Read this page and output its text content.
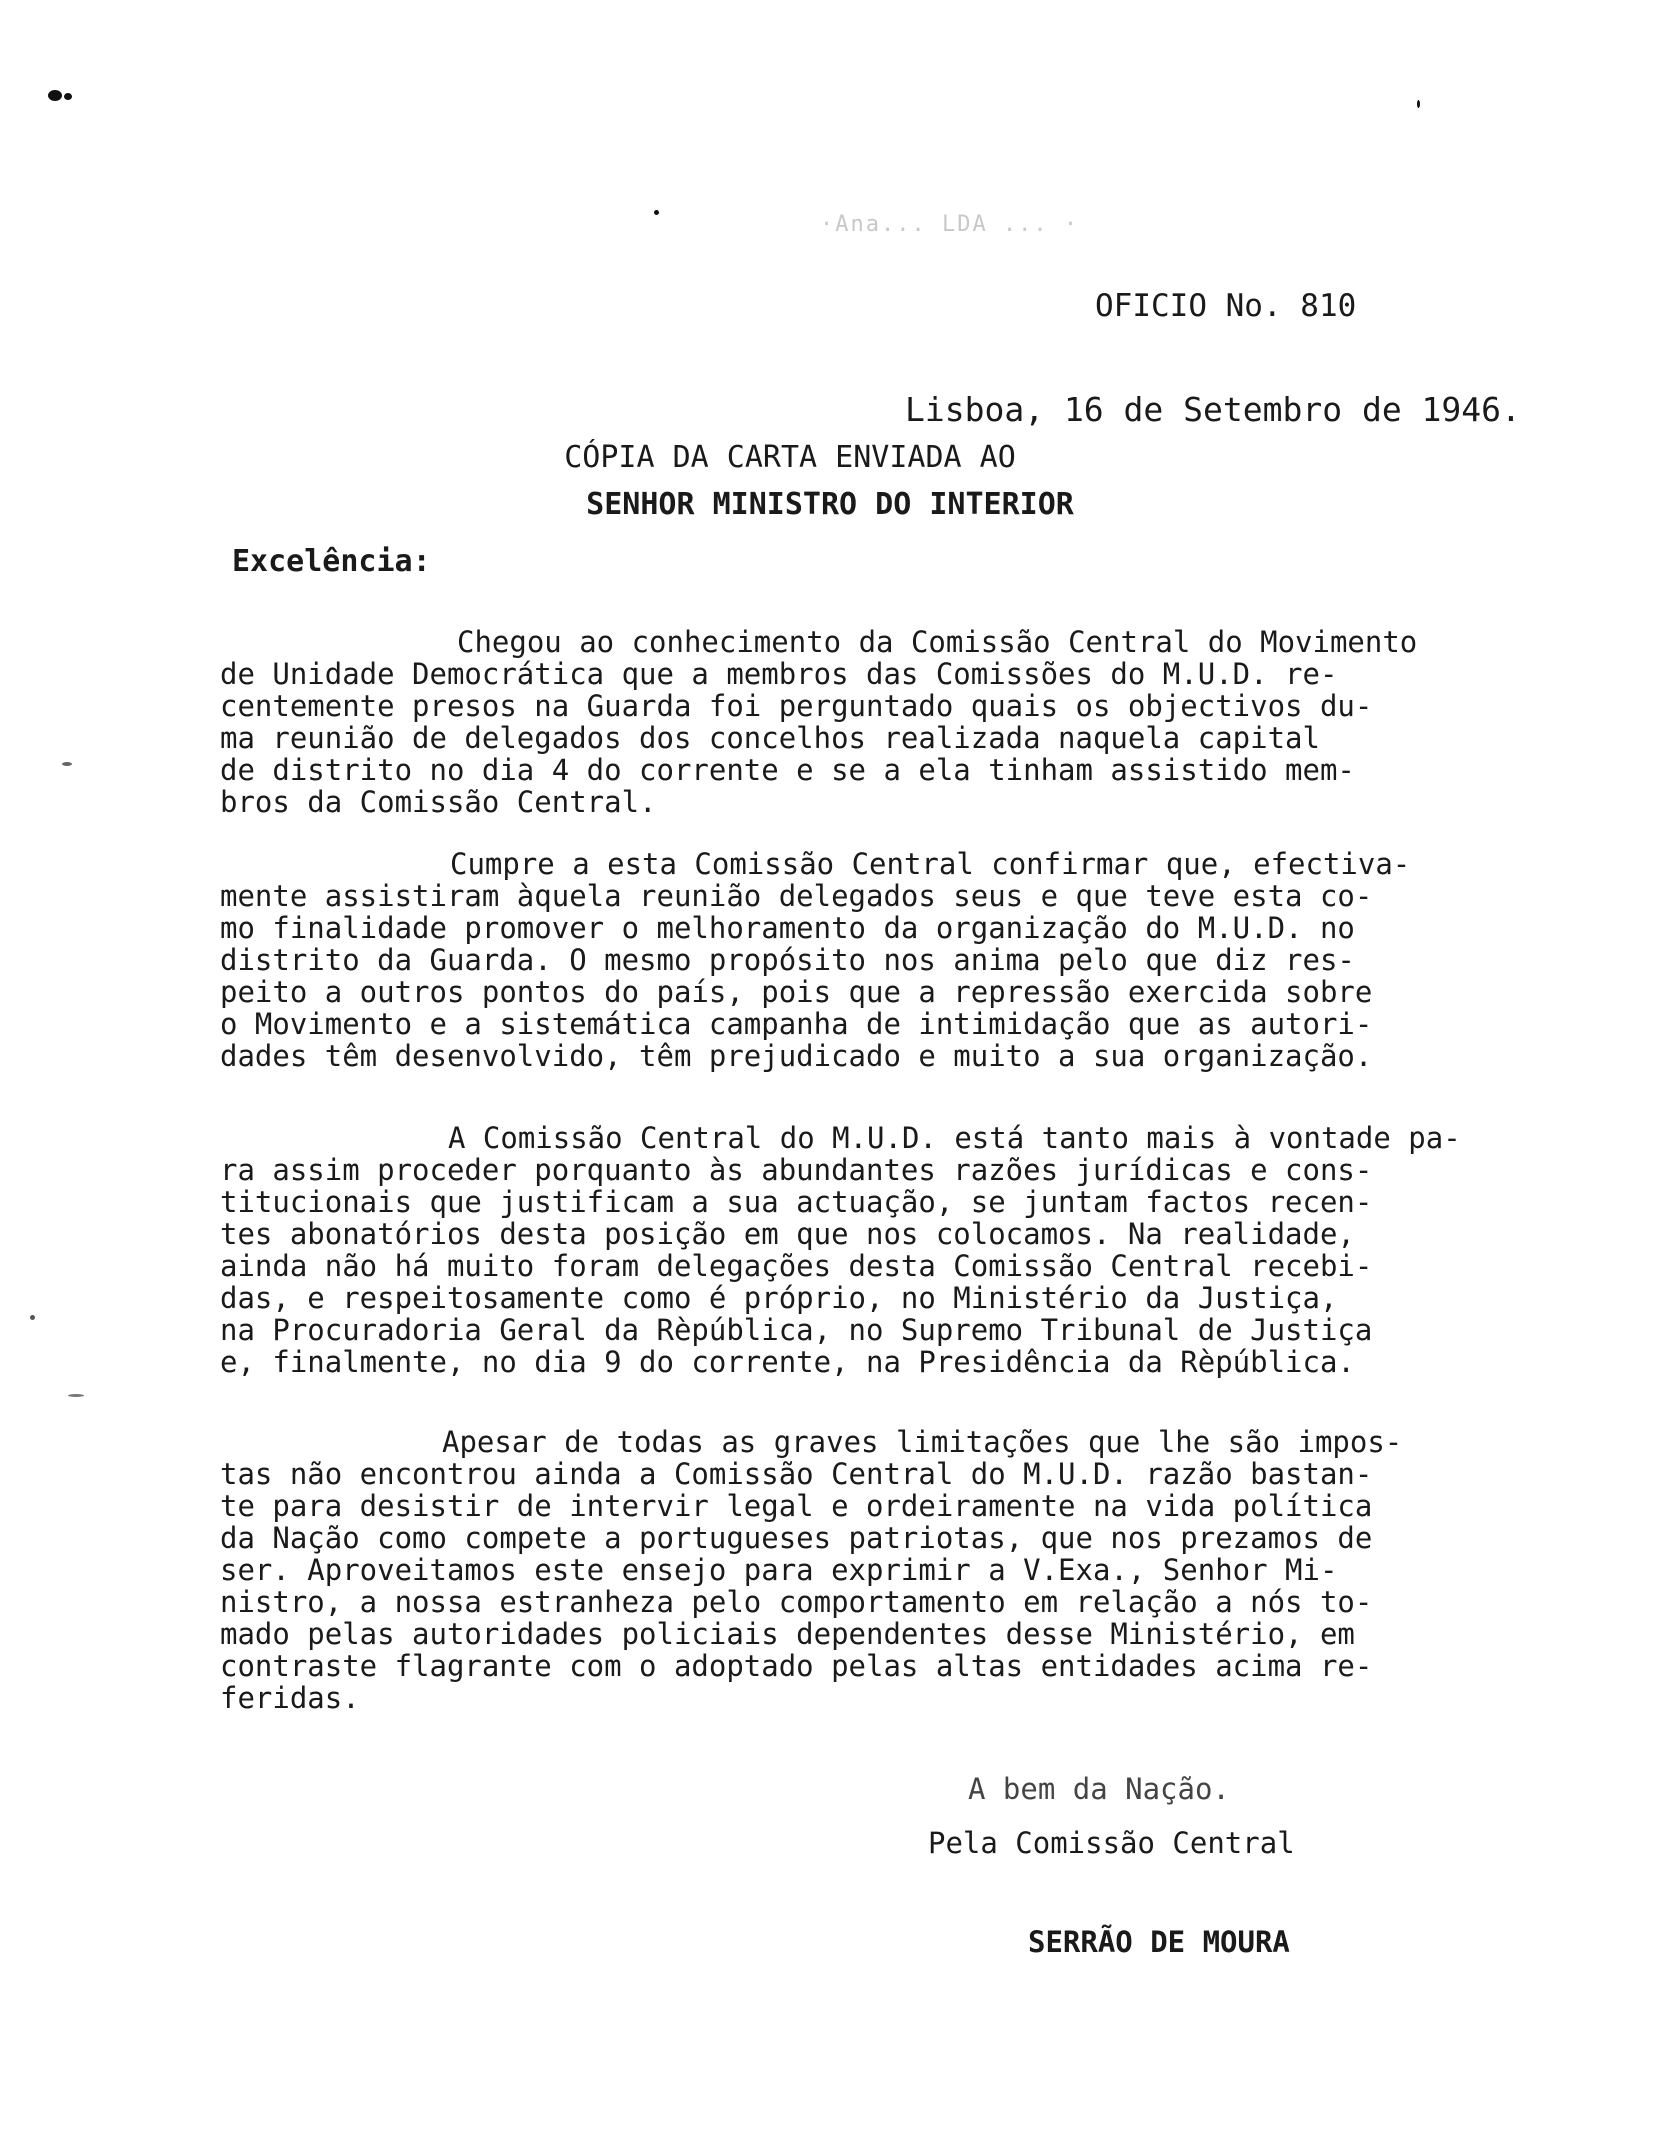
·Ana... LDA ... ·
OFICIO No. 810
Lisboa, 16 de Setembro de 1946.
CÓPIA DA CARTA ENVIADA AO
SENHOR MINISTRO DO INTERIOR
Excelência:
Chegou ao conhecimento da Comissão Central do Movimento
de Unidade Democrática que a membros das Comissões do M.U.D. re-
centemente presos na Guarda foi perguntado quais os objectivos du-
ma reunião de delegados dos concelhos realizada naquela capital
de distrito no dia 4 do corrente e se a ela tinham assistido mem-
bros da Comissão Central.
Cumpre a esta Comissão Central confirmar que, efectiva-
mente assistiram àquela reunião delegados seus e que teve esta co-
mo finalidade promover o melhoramento da organização do M.U.D. no
distrito da Guarda. O mesmo propósito nos anima pelo que diz res-
peito a outros pontos do país, pois que a repressão exercida sobre
o Movimento e a sistemática campanha de intimidação que as autori-
dades têm desenvolvido, têm prejudicado e muito a sua organização.
A Comissão Central do M.U.D. está tanto mais à vontade pa-
ra assim proceder porquanto às abundantes razões jurídicas e cons-
titucionais que justificam a sua actuação, se juntam factos recen-
tes abonatórios desta posição em que nos colocamos. Na realidade,
ainda não há muito foram delegações desta Comissão Central recebi-
das, e respeitosamente como é próprio, no Ministério da Justiça,
na Procuradoria Geral da Rèpública, no Supremo Tribunal de Justiça
e, finalmente, no dia 9 do corrente, na Presidência da Rèpública.
Apesar de todas as graves limitações que lhe são impos-
tas não encontrou ainda a Comissão Central do M.U.D. razão bastan-
te para desistir de intervir legal e ordeiramente na vida política
da Nação como compete a portugueses patriotas, que nos prezamos de
ser. Aproveitamos este ensejo para exprimir a V.Exa., Senhor Mi-
nistro, a nossa estranheza pelo comportamento em relação a nós to-
mado pelas autoridades policiais dependentes desse Ministério, em
contraste flagrante com o adoptado pelas altas entidades acima re-
feridas.
A bem da Nação.
Pela Comissão Central
SERRÃO DE MOURA
